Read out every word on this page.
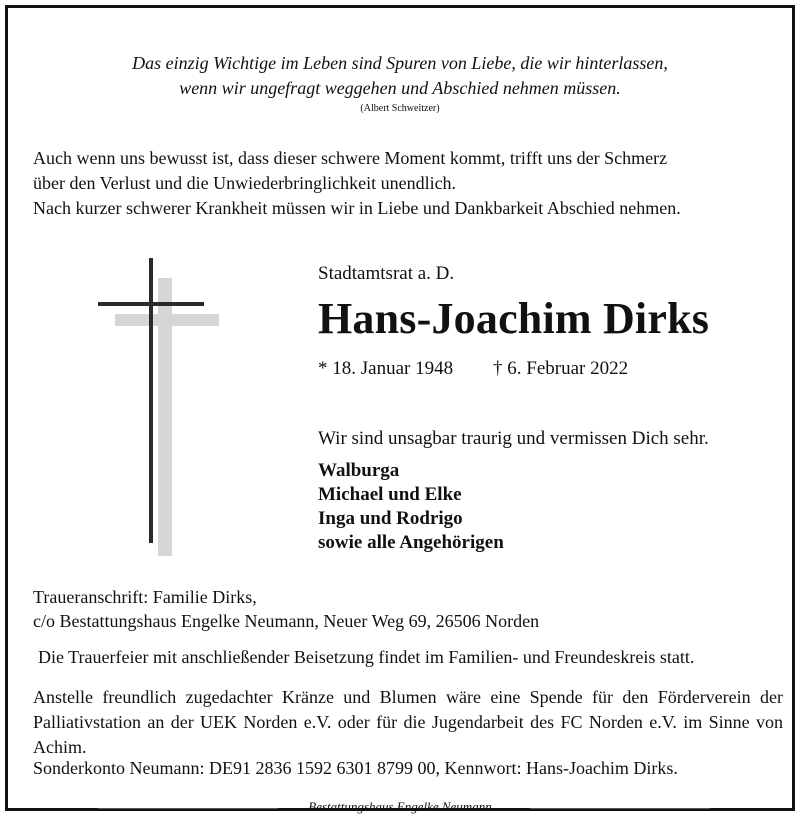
Das einzig Wichtige im Leben sind Spuren von Liebe, die wir hinterlassen,
wenn wir ungefragt weggehen und Abschied nehmen müssen.
(Albert Schweitzer)
Auch wenn uns bewusst ist, dass dieser schwere Moment kommt, trifft uns der Schmerz
über den Verlust und die Unwiederbringlichkeit unendlich.
Nach kurzer schwerer Krankheit müssen wir in Liebe und Dankbarkeit Abschied nehmen.
Stadtamtsrat a. D.
Hans-Joachim Dirks
* 18. Januar 1948 † 6. Februar 2022
Wir sind unsagbar traurig und vermissen Dich sehr.
Walburga
Michael und Elke
Inga und Rodrigo
sowie alle Angehörigen
Traueranschrift: Familie Dirks,
c/o Bestattungshaus Engelke Neumann, Neuer Weg 69, 26506 Norden
Die Trauerfeier mit anschließender Beisetzung findet im Familien- und Freundeskreis statt.
Anstelle freundlich zugedachter Kränze und Blumen wäre eine Spende für den Förderverein der Palliativstation an der UEK Norden e.V. oder für die Jugendarbeit des FC Norden e.V. im Sinne von Achim.
Sonderkonto Neumann: DE91 2836 1592 6301 8799 00, Kennwort: Hans-Joachim Dirks.
Bestattungshaus Engelke Neumann
